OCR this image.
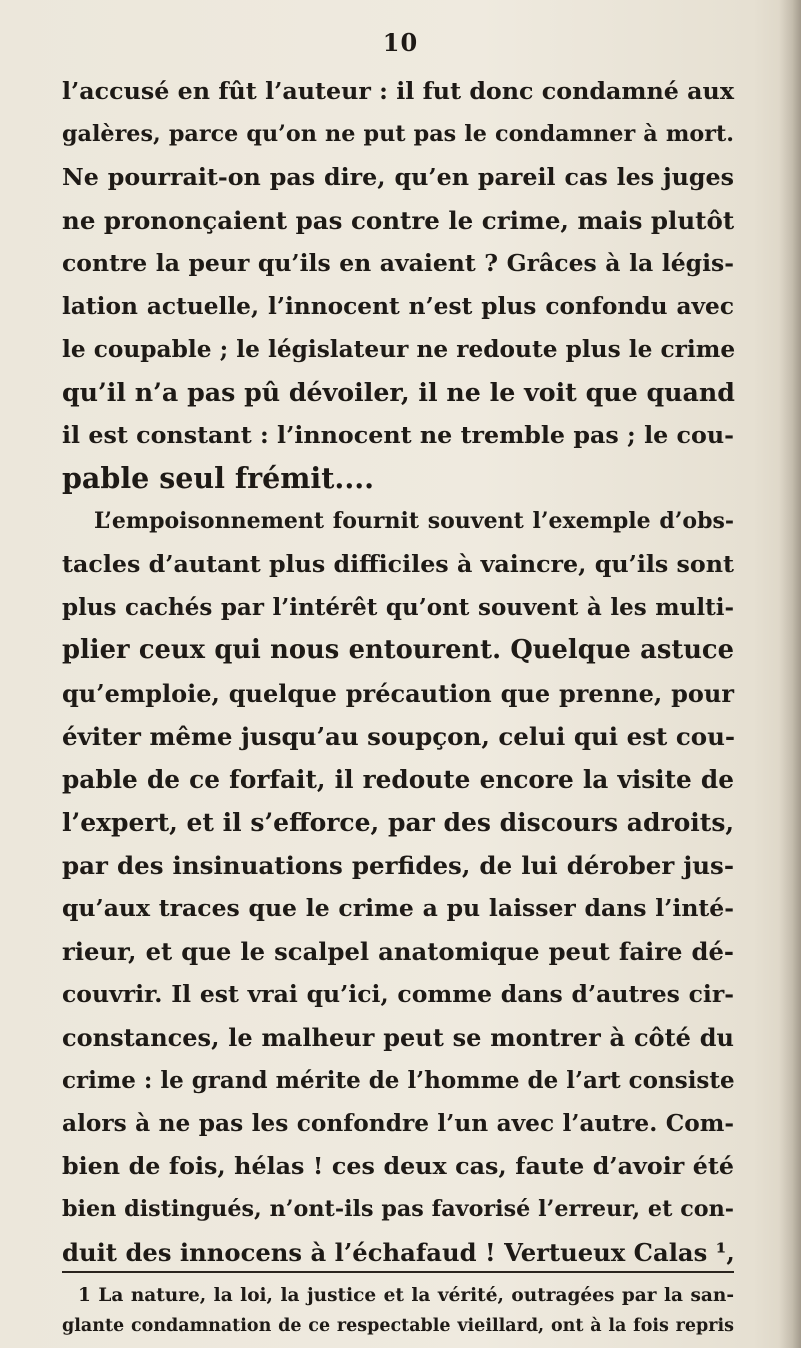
10
l’accusé en fût l’auteur : il fut donc condamné aux
galères, parce qu’on ne put pas le condamner à mort.
Ne pourrait-on pas dire, qu’en pareil cas les juges
ne prononçaient pas contre le crime, mais plutôt
contre la peur qu’ils en avaient ? Grâces à la légis-
lation actuelle, l’innocent n’est plus confondu avec
le coupable ; le législateur ne redoute plus le crime
qu’il n’a pas pû dévoiler, il ne le voit que quand
il est constant : l’innocent ne tremble pas ; le cou-
pable seul frémit....
L’empoisonnement fournit souvent l’exemple d’obs-
tacles d’autant plus difficiles à vaincre, qu’ils sont
plus cachés par l’intérêt qu’ont souvent à les multi-
plier ceux qui nous entourent. Quelque astuce
qu’emploie, quelque précaution que prenne, pour
éviter même jusqu’au soupçon, celui qui est cou-
pable de ce forfait, il redoute encore la visite de
l’expert, et il s’efforce, par des discours adroits,
par des insinuations perfides, de lui dérober jus-
qu’aux traces que le crime a pu laisser dans l’inté-
rieur, et que le scalpel anatomique peut faire dé-
couvrir. Il est vrai qu’ici, comme dans d’autres cir-
constances, le malheur peut se montrer à côté du
crime : le grand mérite de l’homme de l’art consiste
alors à ne pas les confondre l’un avec l’autre. Com-
bien de fois, hélas ! ces deux cas, faute d’avoir été
bien distingués, n’ont-ils pas favorisé l’erreur, et con-
duit des innocens à l’échafaud ! Vertueux Calas ¹,
1 La nature, la loi, la justice et la vérité, outragées par la san-
glante condamnation de ce respectable vieillard, ont à la fois repris
